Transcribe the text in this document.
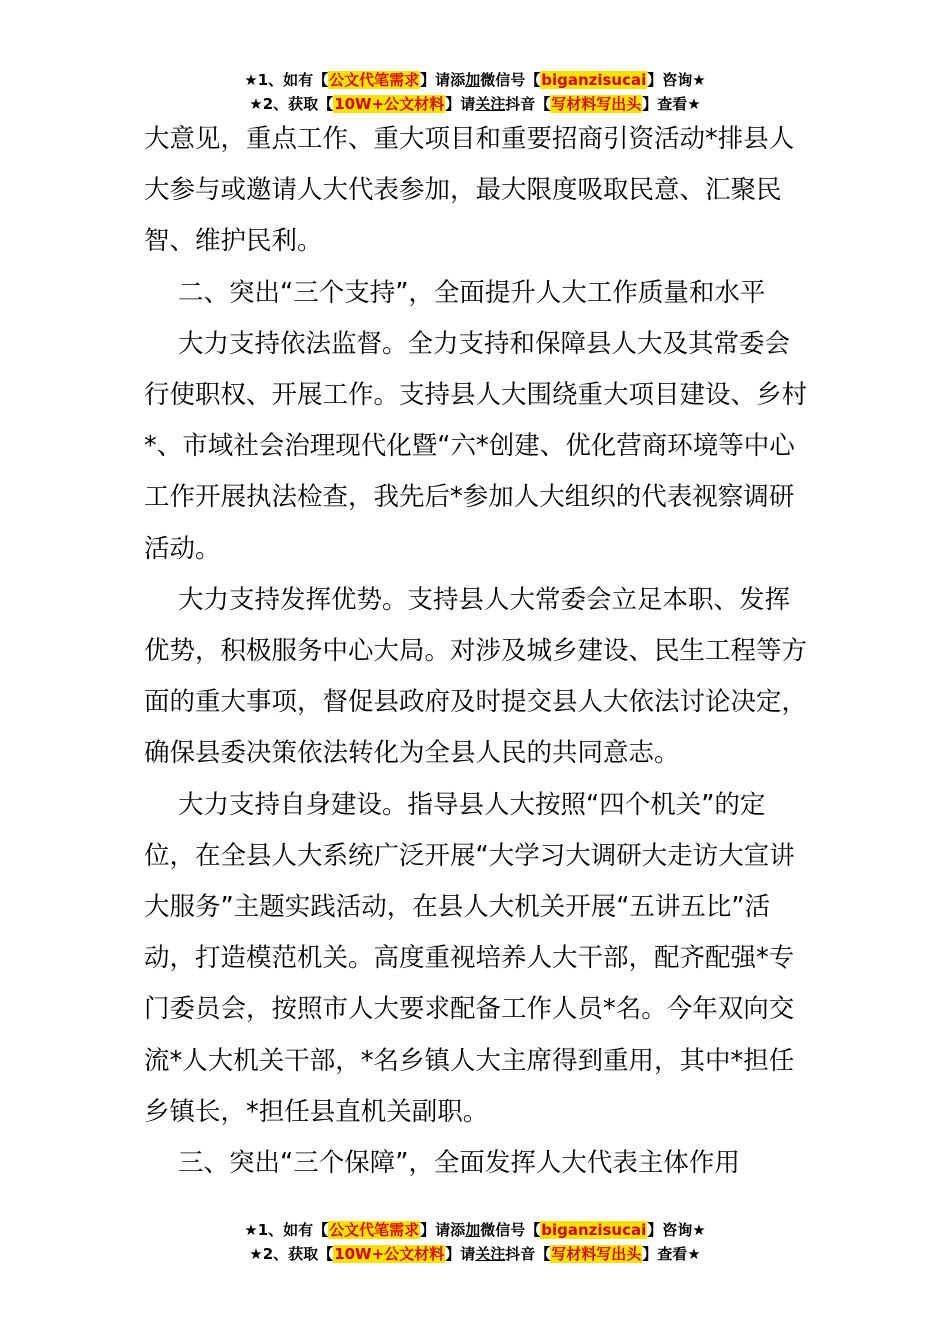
★1、如有【公文代笔需求】请添加微信号【biganzisucai】咨询★
★2、获取【10W+公文材料】请关注抖音【写材料写出头】查看★

大意见，重点工作、重大项目和重要招商引资活动*排县人大参与或邀请人大代表参加，最大限度吸取民意、汇聚民智、维护民利。

二、突出“三个支持”，全面提升人大工作质量和水平

大力支持依法监督。全力支持和保障县人大及其常委会行使职权、开展工作。支持县人大围绕重大项目建设、乡村*、市域社会治理现代化暨“六*创建、优化营商环境等中心工作开展执法检查，我先后*参加人大组织的代表视察调研活动。

大力支持发挥优势。支持县人大常委会立足本职、发挥优势，积极服务中心大局。对涉及城乡建设、民生工程等方面的重大事项，督促县政府及时提交县人大依法讨论决定，确保县委决策依法转化为全县人民的共同意志。

大力支持自身建设。指导县人大按照“四个机关”的定位，在全县人大系统广泛开展“大学习大调研大走访大宣讲大服务”主题实践活动，在县人大机关开展“五讲五比”活动，打造模范机关。高度重视培养人大干部，配齐配强*专门委员会，按照市人大要求配备工作人员*名。今年双向交流*人大机关干部，*名乡镇人大主席得到重用，其中*担任乡镇长，*担任县直机关副职。

三、突出“三个保障”，全面发挥人大代表主体作用

★1、如有【公文代笔需求】请添加微信号【biganzisucai】咨询★
★2、获取【10W+公文材料】请关注抖音【写材料写出头】查看★
